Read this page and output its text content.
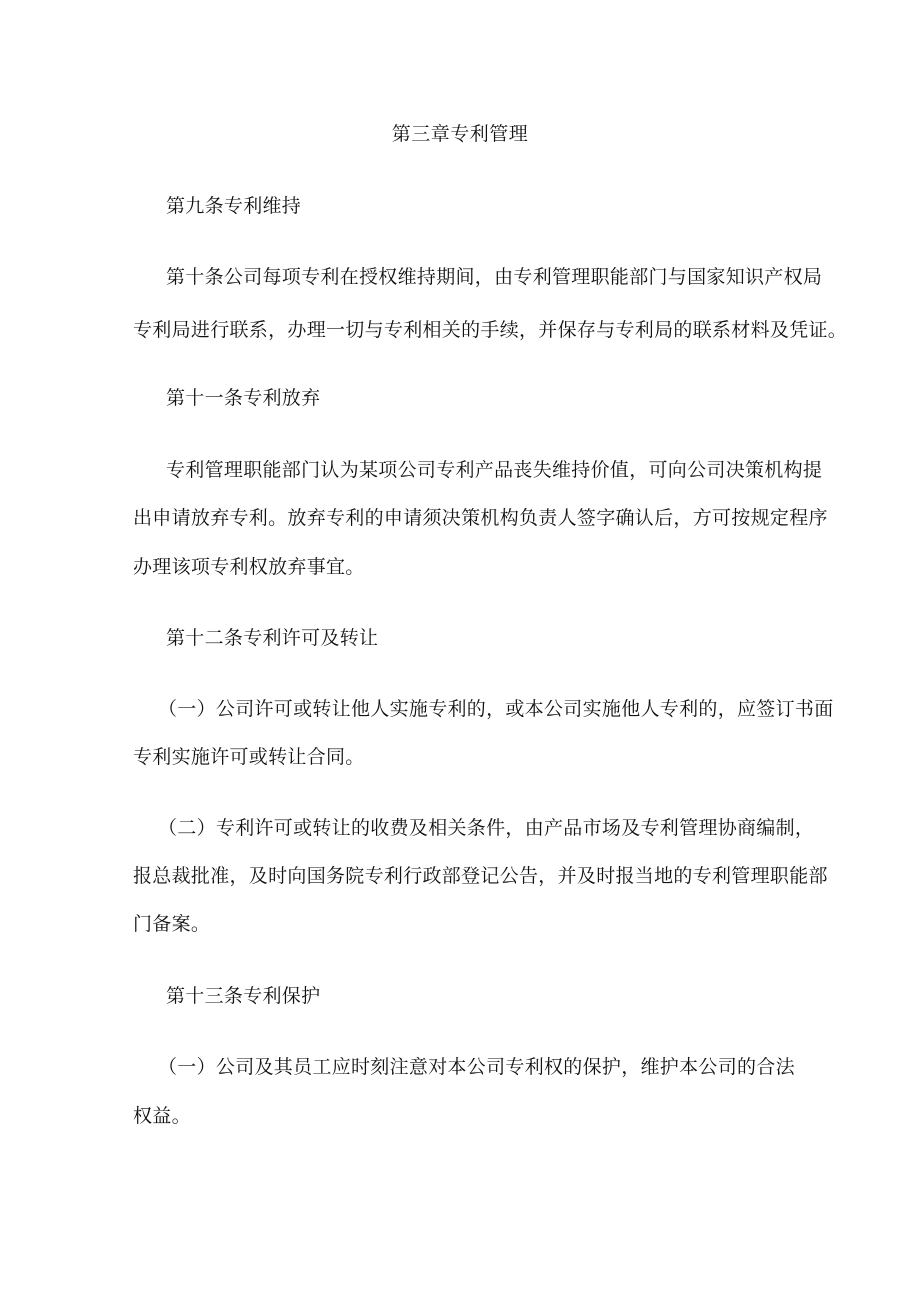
第三章专利管理
第九条专利维持
第十条公司每项专利在授权维持期间，由专利管理职能部门与国家知识产权局
专利局进行联系，办理一切与专利相关的手续，并保存与专利局的联系材料及凭证。
第十一条专利放弃
专利管理职能部门认为某项公司专利产品丧失维持价值，可向公司决策机构提
出申请放弃专利。放弃专利的申请须决策机构负责人签字确认后，方可按规定程序
办理该项专利权放弃事宜。
第十二条专利许可及转让
（一）公司许可或转让他人实施专利的，或本公司实施他人专利的，应签订书面
专利实施许可或转让合同。
（二）专利许可或转让的收费及相关条件，由产品市场及专利管理协商编制，
报总裁批准，及时向国务院专利行政部登记公告，并及时报当地的专利管理职能部
门备案。
第十三条专利保护
（一）公司及其员工应时刻注意对本公司专利权的保护，维护本公司的合法
权益。
